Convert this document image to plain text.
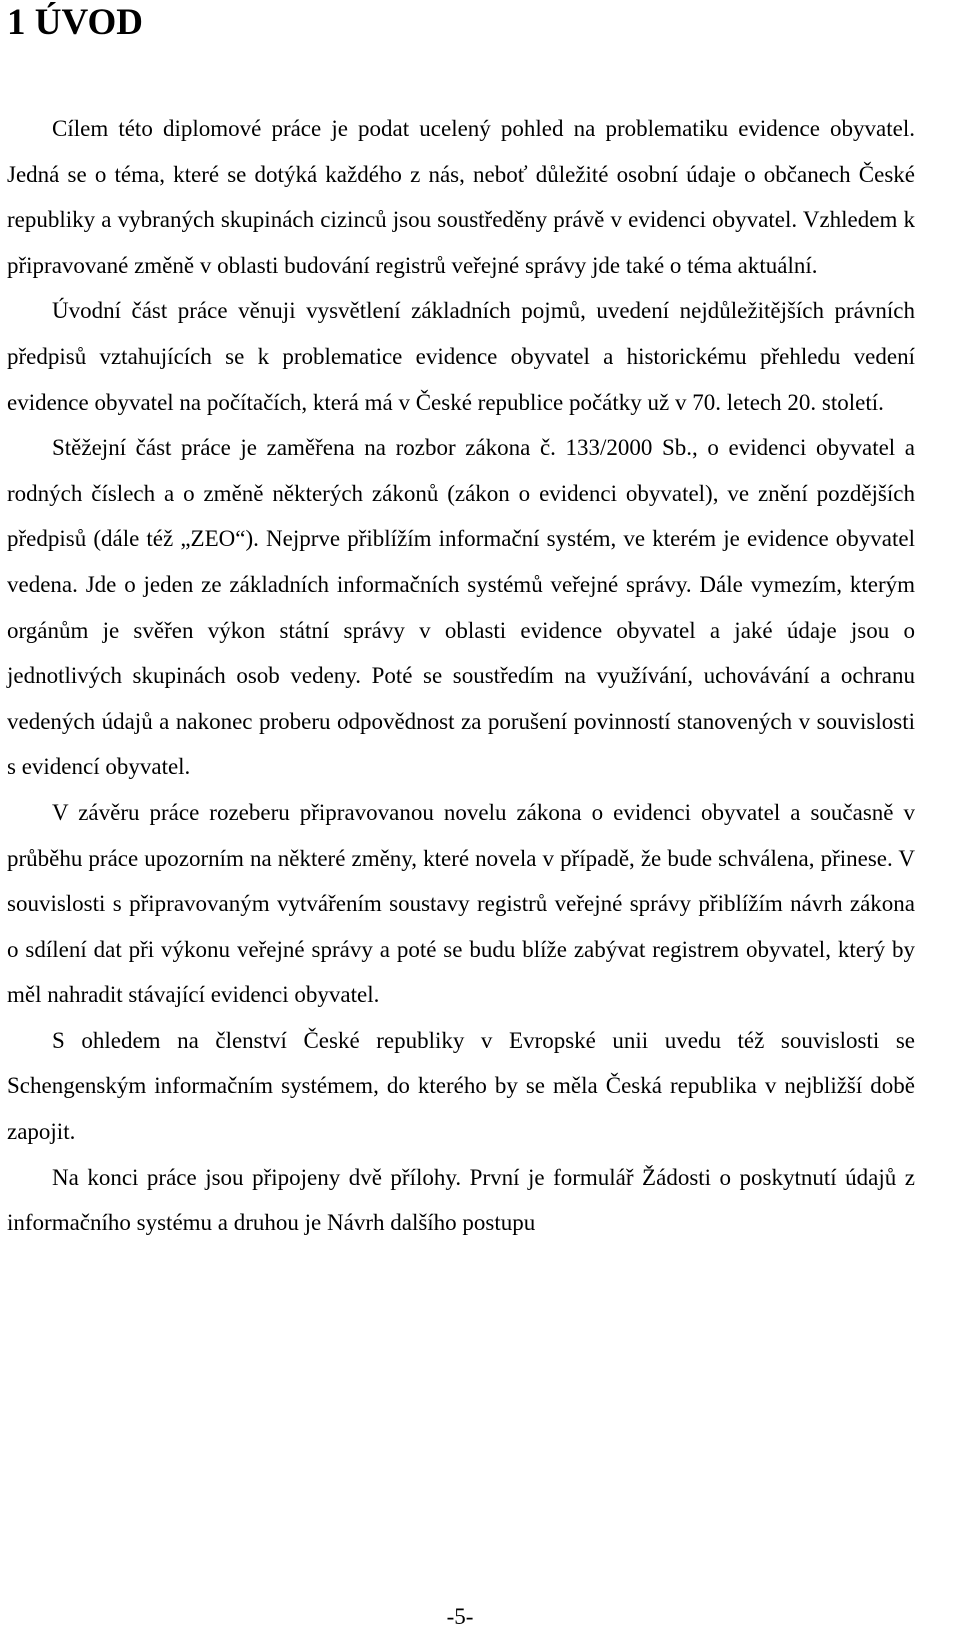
1 ÚVOD

Cílem této diplomové práce je podat ucelený pohled na problematiku evidence obyvatel. Jedná se o téma, které se dotýká každého z nás, neboť důležité osobní údaje o občanech České republiky a vybraných skupinách cizinců jsou soustředěny právě v evidenci obyvatel. Vzhledem k připravované změně v oblasti budování registrů veřejné správy jde také o téma aktuální.

Úvodní část práce věnuji vysvětlení základních pojmů, uvedení nejdůležitějších právních předpisů vztahujících se k problematice evidence obyvatel a historickému přehledu vedení evidence obyvatel na počítačích, která má v České republice počátky už v 70. letech 20. století.

Stěžejní část práce je zaměřena na rozbor zákona č. 133/2000 Sb., o evidenci obyvatel a rodných číslech a o změně některých zákonů (zákon o evidenci obyvatel), ve znění pozdějších předpisů (dále též „ZEO“). Nejprve přiblížím informační systém, ve kterém je evidence obyvatel vedena. Jde o jeden ze základních informačních systémů veřejné správy. Dále vymezím, kterým orgánům je svěřen výkon státní správy v oblasti evidence obyvatel a jaké údaje jsou o jednotlivých skupinách osob vedeny. Poté se soustředím na využívání, uchovávání a ochranu vedených údajů a nakonec proberu odpovědnost za porušení povinností stanovených v souvislosti s evidencí obyvatel.

V závěru práce rozeberu připravovanou novelu zákona o evidenci obyvatel a současně v průběhu práce upozorním na některé změny, které novela v případě, že bude schválena, přinese. V souvislosti s připravovaným vytvářením soustavy registrů veřejné správy přiblížím návrh zákona o sdílení dat při výkonu veřejné správy a poté se budu blíže zabývat registrem obyvatel, který by měl nahradit stávající evidenci obyvatel.

S ohledem na členství České republiky v Evropské unii uvedu též souvislosti se Schengenským informačním systémem, do kterého by se měla Česká republika v nejbližší době zapojit.

Na konci práce jsou připojeny dvě přílohy. První je formulář Žádosti o poskytnutí údajů z informačního systému a druhou je Návrh dalšího postupu

-5-
